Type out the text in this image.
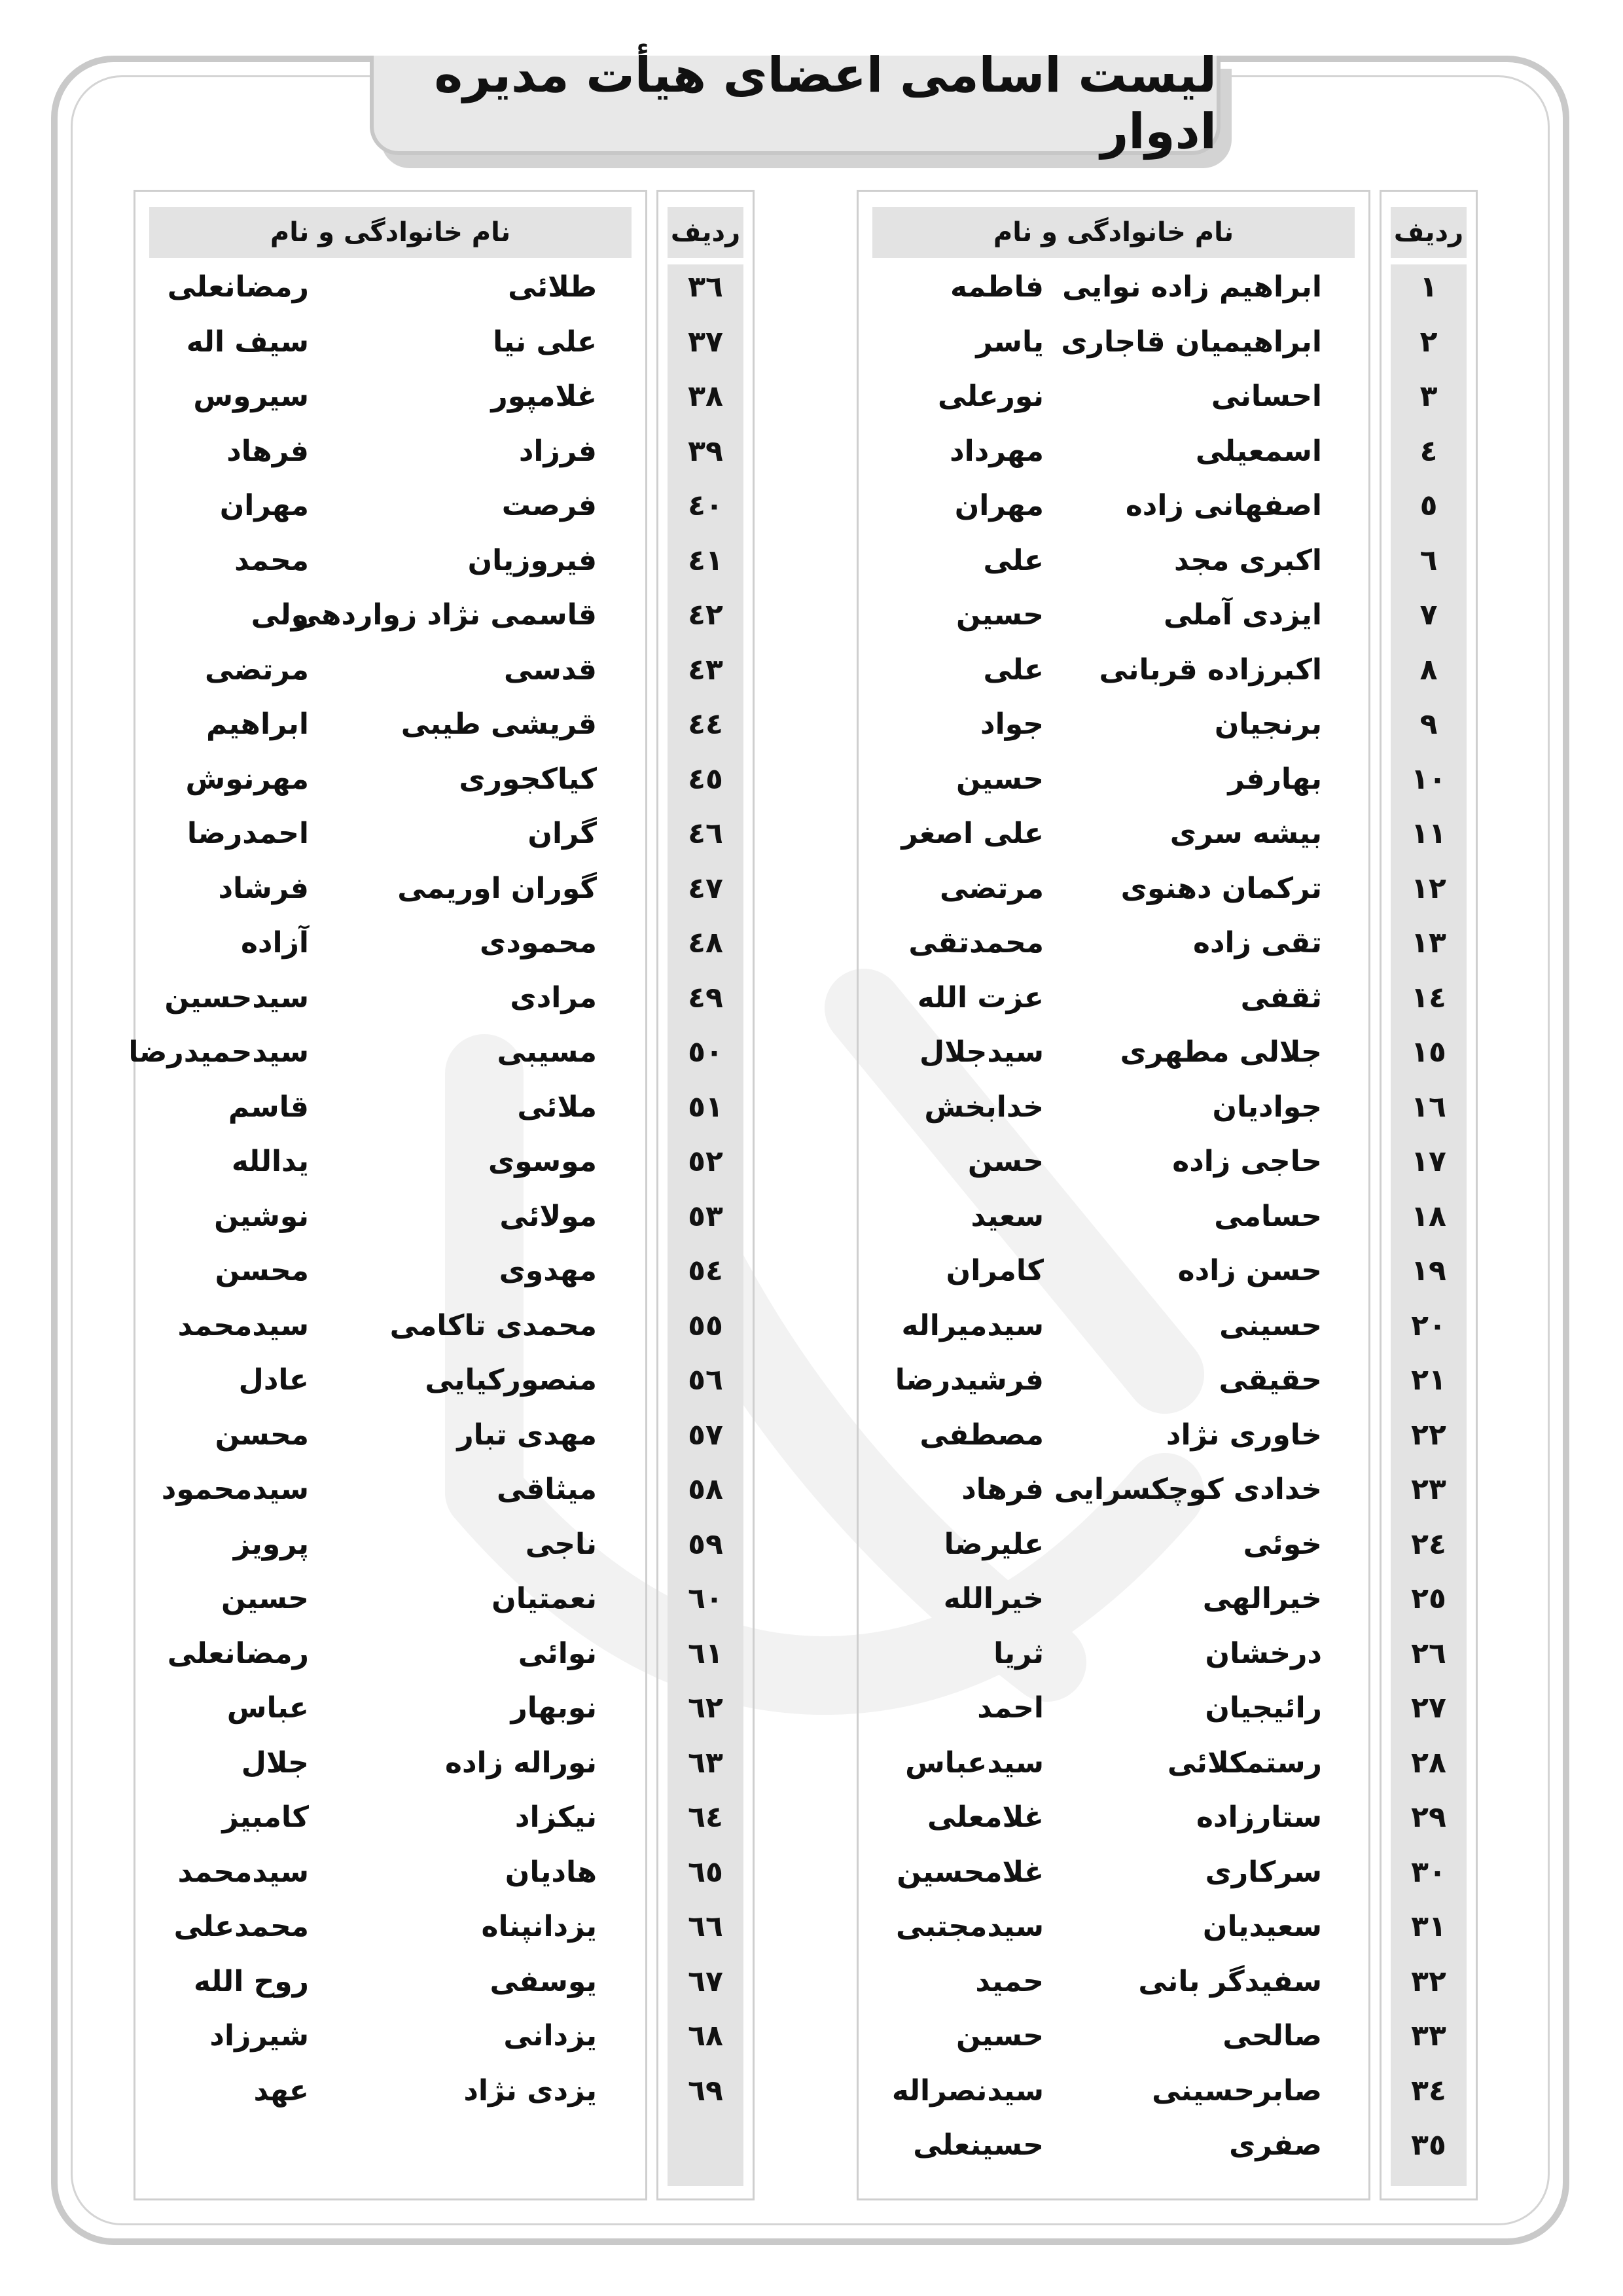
لیست اسامی اعضای هیأت مدیره ادوار
نام خانوادگی و نام	ردیف
نام خانوادگی و نام	ردیف
۱
ابراهیم زاده نوایی
فاطمه
۲
ابراهیمیان قاجاری
یاسر
۳
احسانی
نورعلی
٤
اسمعیلی
مهرداد
٥
اصفهانی زاده
مهران
٦
اکبری مجد
علی
۷
ایزدی آملی
حسین
۸
اکبرزاده قربانی
علی
۹
برنجیان
جواد
۱۰
بهارفر
حسین
۱۱
بیشه سری
علی اصغر
۱۲
ترکمان دهنوی
مرتضی
۱۳
تقی زاده
محمدتقی
١٤
ثقفی
عزت الله
١٥
جلالی مطهری
سیدجلال
١٦
جوادیان
خدابخش
۱۷
حاجی زاده
حسن
۱۸
حسامی
سعید
۱۹
حسن زاده
کامران
۲۰
حسینی
سیدمیراله
۲۱
حقیقی
فرشیدرضا
۲۲
خاوری نژاد
مصطفی
۲۳
خدادی کوچکسرایی
فرهاد
٢٤
خوئی
علیرضا
٢٥
خیرالهی
خیرالله
٢٦
درخشان
ثریا
۲۷
رائیجیان
احمد
۲۸
رستمکلائی
سیدعباس
۲۹
ستارزاده
غلامعلی
۳۰
سرکاری
غلامحسین
۳۱
سعیدیان
سیدمجتبی
۳۲
سفیدگر بانی
حمید
۳۳
صالحی
حسین
٣٤
صابرحسینی
سیدنصراله
٣٥
صفری
حسینعلی
٣٦
طلائی
رمضانعلی
۳۷
علی نیا
سیف اله
۳۸
غلامپور
سیروس
۳۹
فرزاد
فرهاد
٤٠
فرصت
مهران
٤١
فیروزیان
محمد
٤٢
قاسمی نژاد زواردهی
ولی
٤٣
قدسی
مرتضی
٤٤
قریشی طیبی
ابراهیم
٤٥
کیاکجوری
مهرنوش
٤٦
گران
احمدرضا
٤٧
گوران اوریمی
فرشاد
٤٨
محمودی
آزاده
٤٩
مرادی
سیدحسین
٥٠
مسیبی
سیدحمیدرضا
٥١
ملائی
قاسم
٥٢
موسوی
یدالله
٥٣
مولائی
نوشین
٥٤
مهدوی
محسن
٥٥
محمدی تاکامی
سیدمحمد
٥٦
منصورکیایی
عادل
٥٧
مهدی تبار
محسن
٥٨
میثاقی
سیدمحمود
٥٩
ناجی
پرویز
٦٠
نعمتیان
حسین
٦١
نوائی
رمضانعلی
٦٢
نوبهار
عباس
٦٣
نوراله زاده
جلال
٦٤
نیکزاد
کامبیز
٦٥
هادیان
سیدمحمد
٦٦
یزدانپناه
محمدعلی
٦٧
یوسفی
روح الله
٦٨
یزدانی
شیرزاد
٦٩
یزدی نژاد
عهد
